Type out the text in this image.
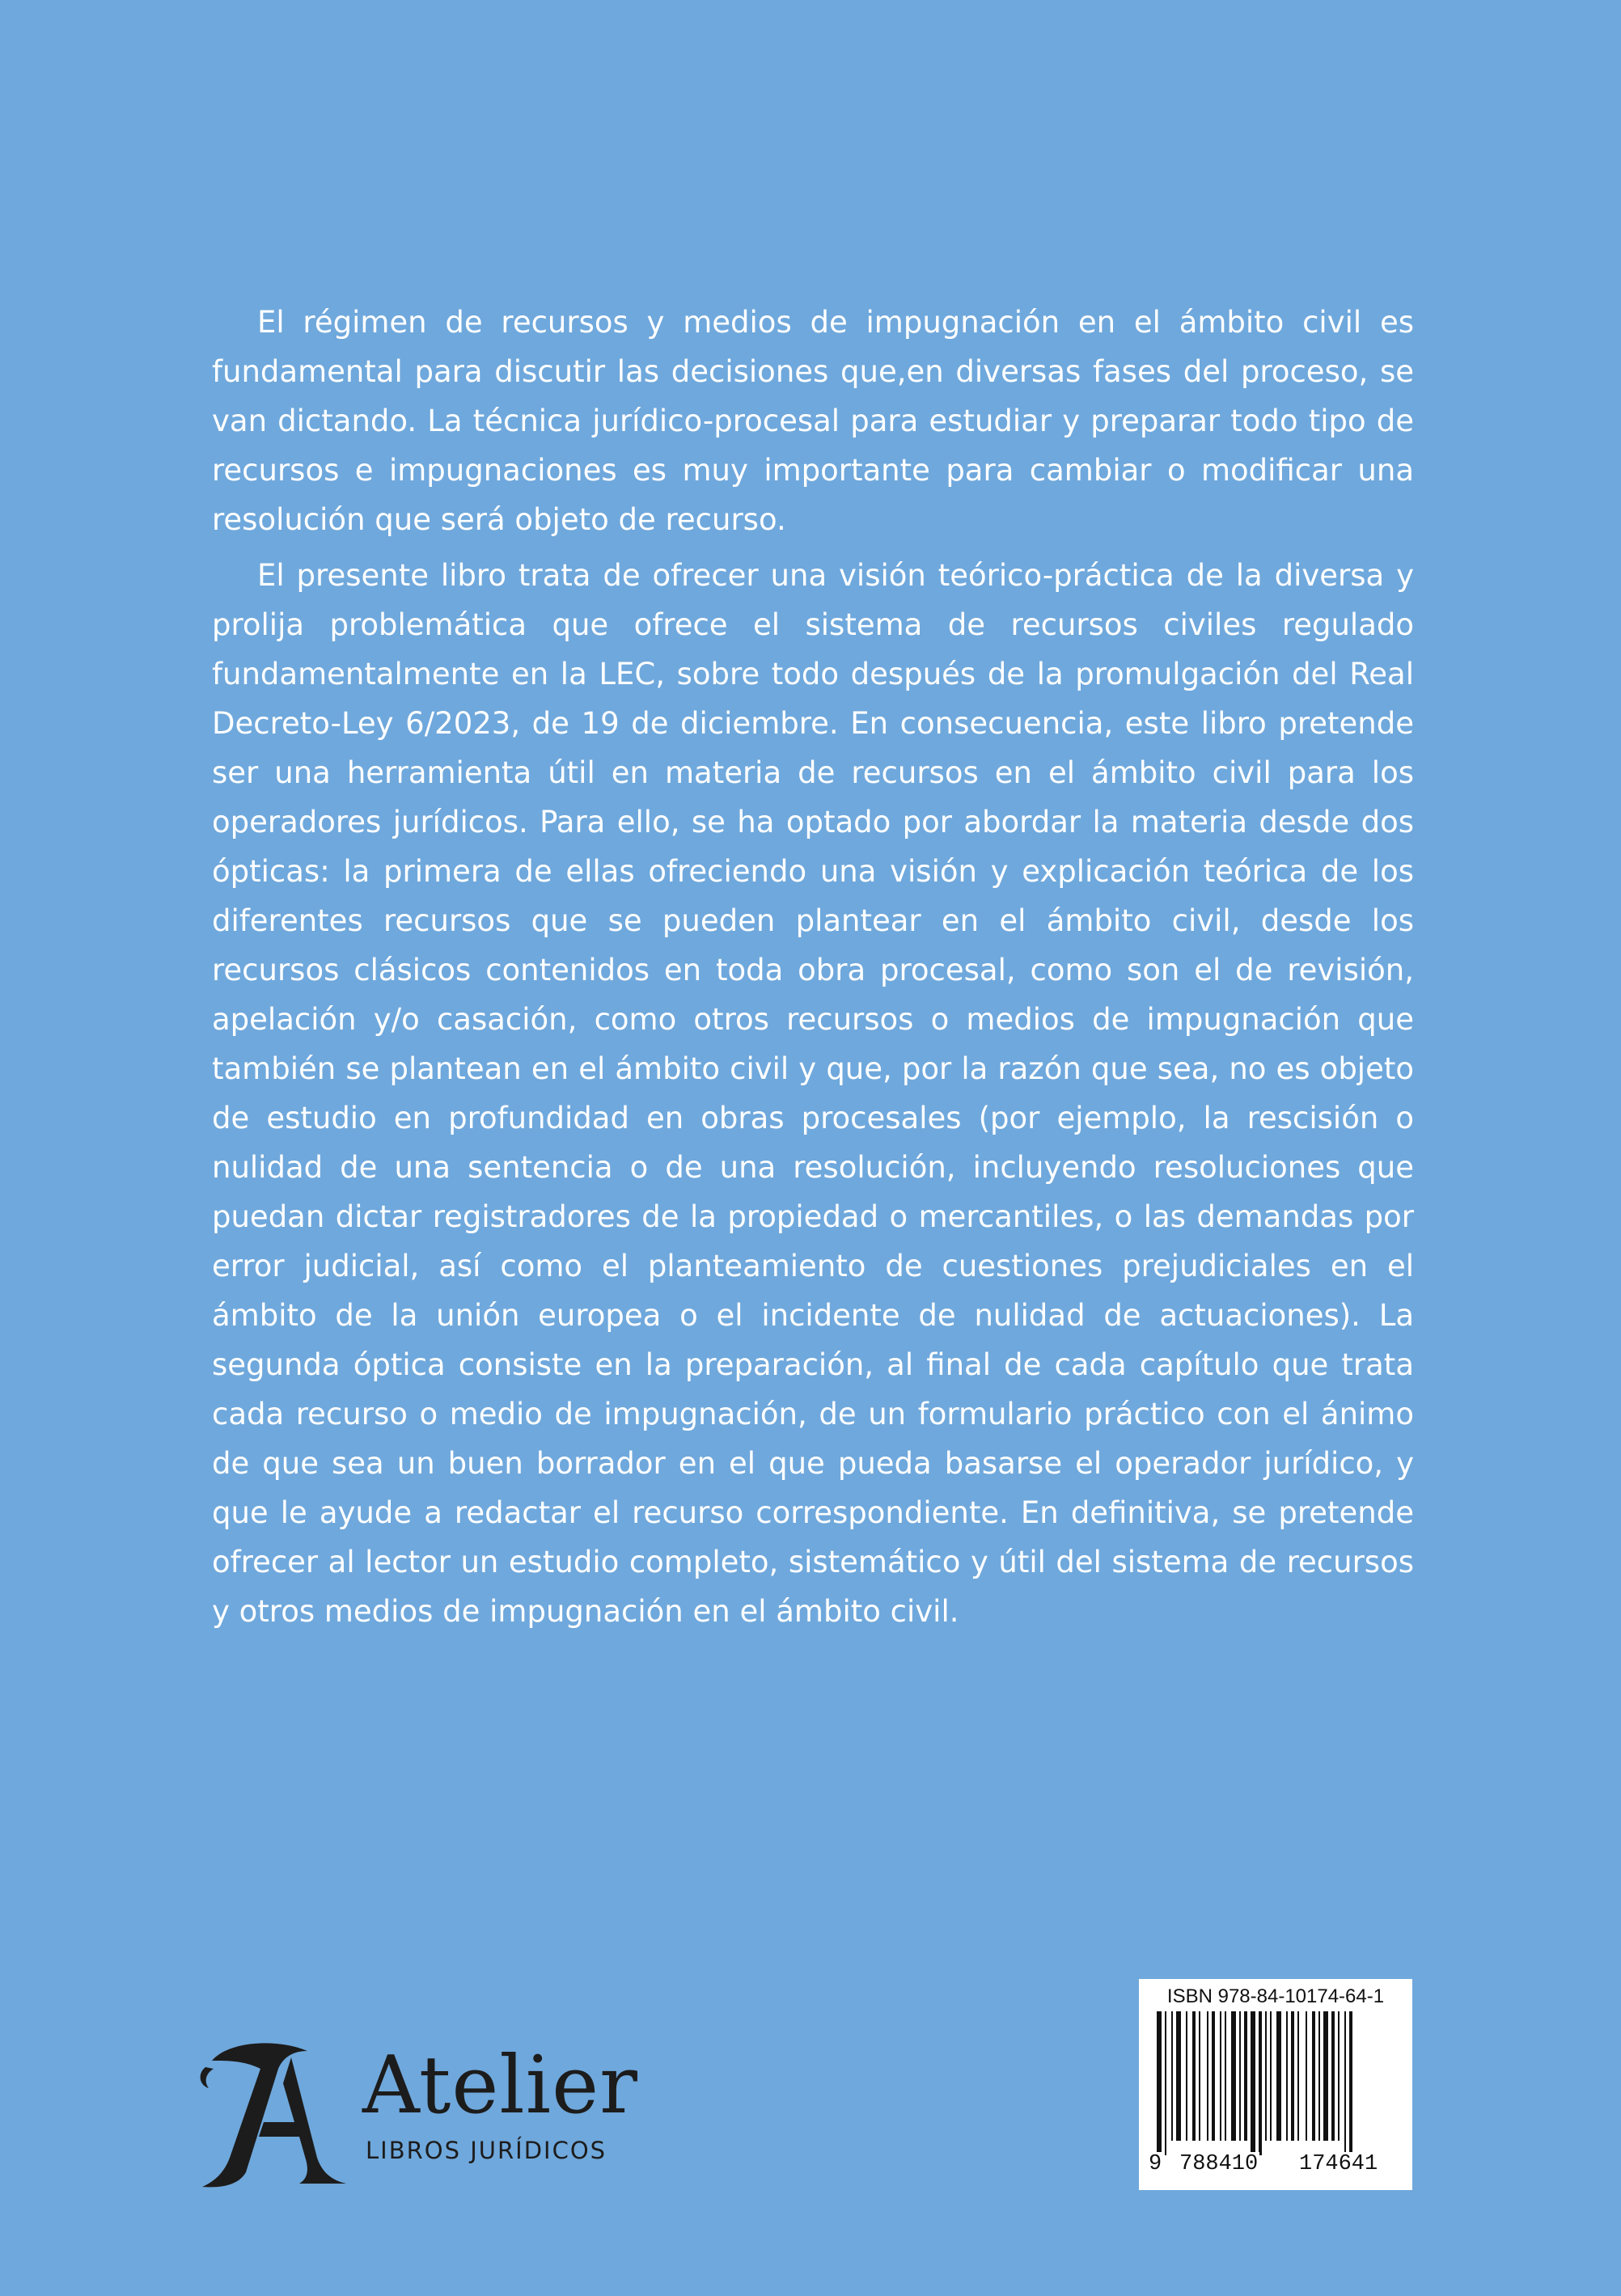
El régimen de recursos y medios de impugnación en el ámbito civil es fundamental para discutir las decisiones que,en diversas fases del proceso, se van dictando. La técnica jurídico-procesal para estudiar y preparar todo tipo de recursos e impugnaciones es muy importante para cambiar o modificar una resolución que será objeto de recurso.

El presente libro trata de ofrecer una visión teórico-práctica de la diversa y prolija problemática que ofrece el sistema de recursos civiles regulado fundamentalmente en la LEC, sobre todo después de la promulgación del Real Decreto-Ley 6/2023, de 19 de diciembre. En consecuencia, este libro pretende ser una herramienta útil en materia de recursos en el ámbito civil para los operadores jurídicos. Para ello, se ha optado por abordar la materia desde dos ópticas: la primera de ellas ofreciendo una visión y explicación teórica de los diferentes recursos que se pueden plantear en el ámbito civil, desde los recursos clásicos contenidos en toda obra procesal, como son el de revisión, apelación y/o casación, como otros recursos o medios de impugnación que también se plantean en el ámbito civil y que, por la razón que sea, no es objeto de estudio en profundidad en obras procesales (por ejemplo, la rescisión o nulidad de una sentencia o de una resolución, incluyendo resoluciones que puedan dictar registradores de la propiedad o mercantiles, o las demandas por error judicial, así como el planteamiento de cuestiones prejudiciales en el ámbito de la unión europea o el incidente de nulidad de actuaciones). La segunda óptica consiste en la preparación, al final de cada capítulo que trata cada recurso o medio de impugnación, de un formulario práctico con el ánimo de que sea un buen borrador en el que pueda basarse el operador jurídico, y que le ayude a redactar el recurso correspondiente. En definitiva, se pretende ofrecer al lector un estudio completo, sistemático y útil del sistema de recursos y otros medios de impugnación en el ámbito civil.

Atelier
LIBROS JURÍDICOS
ISBN 978-84-10174-64-1
9 788410 174641
